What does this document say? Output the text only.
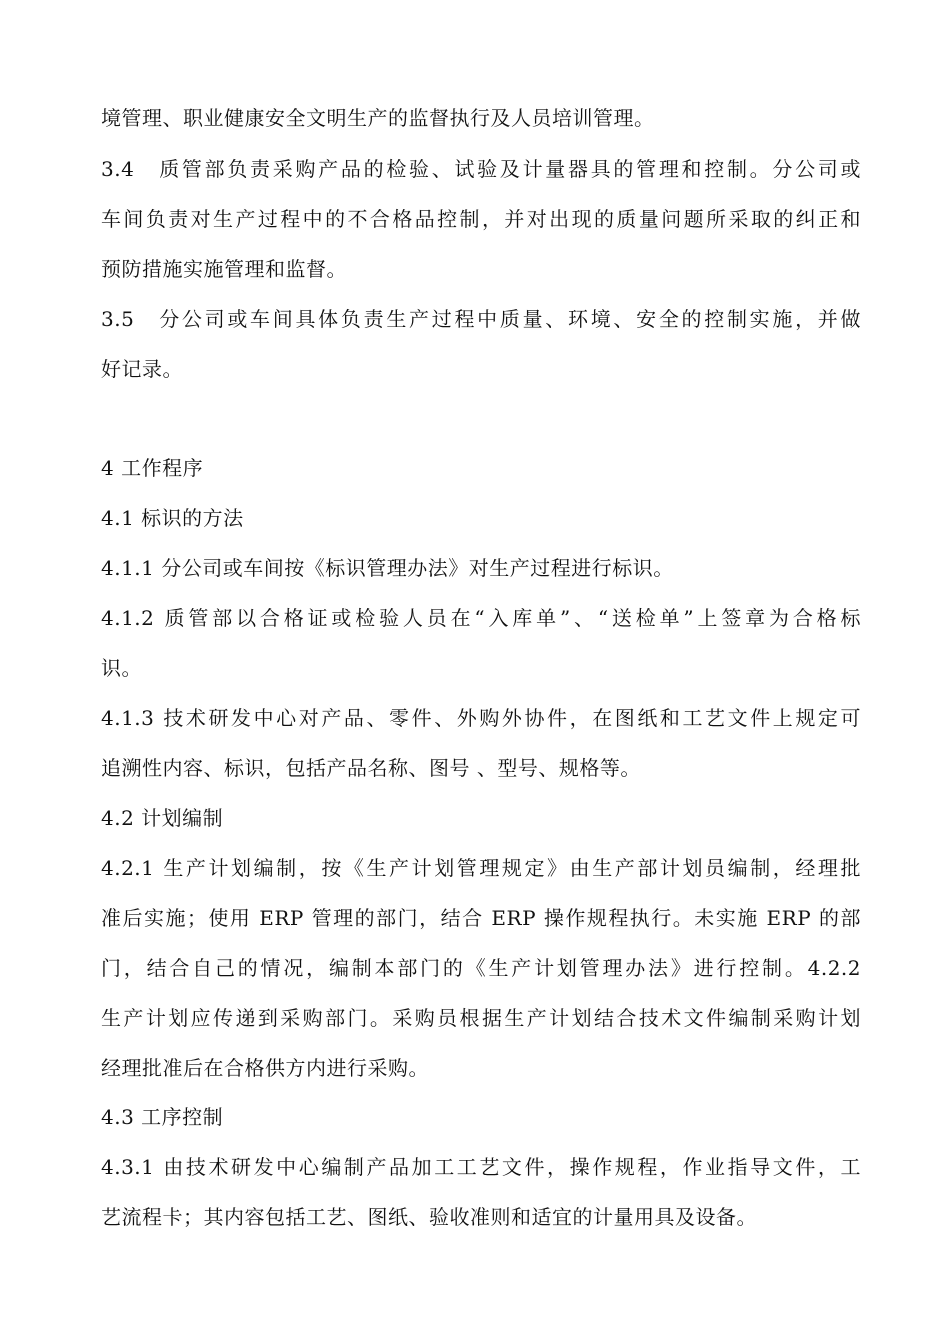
境管理、职业健康安全文明生产的监督执行及人员培训管理。
3.4　质管部负责采购产品的检验、试验及计量器具的管理和控制。分公司或
车间负责对生产过程中的不合格品控制，并对出现的质量问题所采取的纠正和
预防措施实施管理和监督。
3.5　分公司或车间具体负责生产过程中质量、环境、安全的控制实施，并做
好记录。
4 工作程序
4.1 标识的方法
4.1.1 分公司或车间按《标识管理办法》对生产过程进行标识。
4.1.2 质管部以合格证或检验人员在“入库单”、“送检单”上签章为合格标
识。
4.1.3 技术研发中心对产品、零件、外购外协件，在图纸和工艺文件上规定可
追溯性内容、标识，包括产品名称、图号 、型号、规格等。
4.2 计划编制
4.2.1 生产计划编制，按《生产计划管理规定》由生产部计划员编制，经理批
准后实施；使用 ERP 管理的部门，结合 ERP 操作规程执行。未实施 ERP 的部
门，结合自己的情况，编制本部门的《生产计划管理办法》进行控制。4.2.2
生产计划应传递到采购部门。采购员根据生产计划结合技术文件编制采购计划
经理批准后在合格供方内进行采购。
4.3 工序控制
4.3.1 由技术研发中心编制产品加工工艺文件，操作规程，作业指导文件，工
艺流程卡；其内容包括工艺、图纸、验收准则和适宜的计量用具及设备。
